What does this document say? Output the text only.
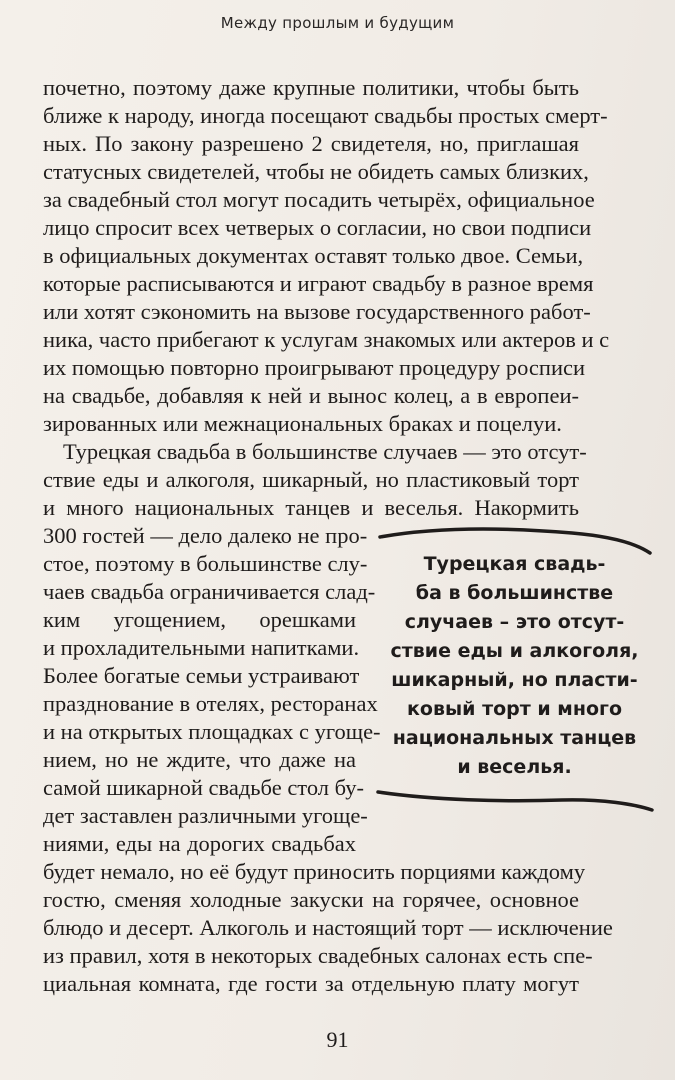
Между прошлым и будущим
почетно, поэтому даже крупные политики, чтобы быть
ближе к народу, иногда посещают свадьбы простых смерт-
ных. По закону разрешено 2 свидетеля, но, приглашая
статусных свидетелей, чтобы не обидеть самых близких,
за свадебный стол могут посадить четырёх, официальное
лицо спросит всех четверых о согласии, но свои подписи
в официальных документах оставят только двое. Семьи,
которые расписываются и играют свадьбу в разное время
или хотят сэкономить на вызове государственного работ-
ника, часто прибегают к услугам знакомых или актеров и с
их помощью повторно проигрывают процедуру росписи
на свадьбе, добавляя к ней и вынос колец, а в европеи-
зированных или межнациональных браках и поцелуи.
Турецкая свадьба в большинстве случаев — это отсут-
ствие еды и алкоголя, шикарный, но пластиковый торт
и много национальных танцев и веселья. Накормить
300 гостей — дело далеко не про-
стое, поэтому в большинстве слу-
чаев свадьба ограничивается слад-
ким угощением, орешками
и прохладительными напитками.
Более богатые семьи устраивают
празднование в отелях, ресторанах
и на открытых площадках с угоще-
нием, но не ждите, что даже на
самой шикарной свадьбе стол бу-
дет заставлен различными угоще-
ниями, еды на дорогих свадьбах
будет немало, но её будут приносить порциями каждому
гостю, сменяя холодные закуски на горячее, основное
блюдо и десерт. Алкоголь и настоящий торт — исключение
из правил, хотя в некоторых свадебных салонах есть спе-
циальная комната, где гости за отдельную плату могут
Турецкая свадь-
ба в большинстве
случаев – это отсут-
ствие еды и алкоголя,
шикарный, но пласти-
ковый торт и много
национальных танцев
и веселья.
91
